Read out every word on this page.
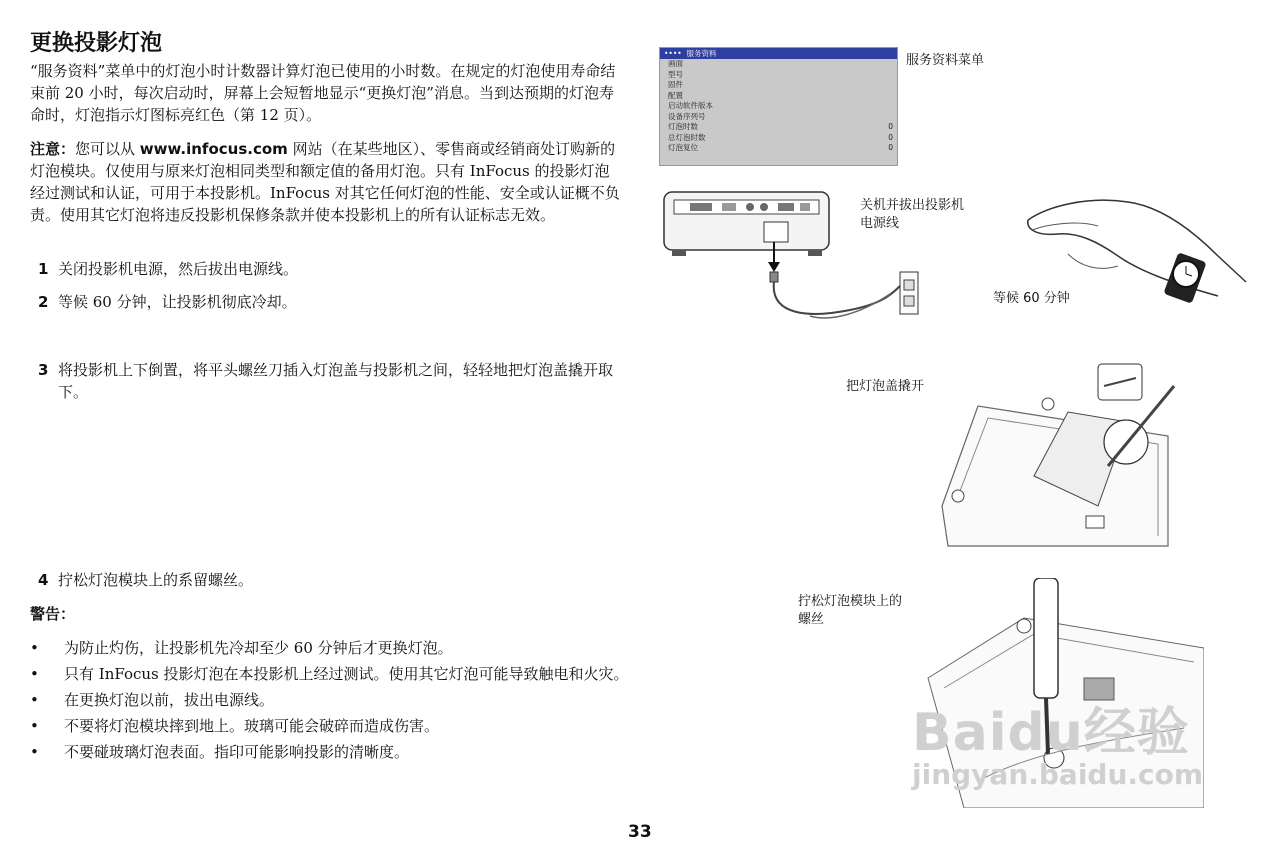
更换投影灯泡
“服务资料”菜单中的灯泡小时计数器计算灯泡已使用的小时数。在规定的灯泡使用寿命结束前 20 小时，每次启动时，屏幕上会短暂地显示“更换灯泡”消息。当到达预期的灯泡寿命时，灯泡指示灯图标亮红色（第 12 页）。
注意：您可以从 www.infocus.com 网站（在某些地区）、零售商或经销商处订购新的灯泡模块。仅使用与原来灯泡相同类型和额定值的备用灯泡。只有 InFocus 的投影灯泡经过测试和认证，可用于本投影机。InFocus 对其它任何灯泡的性能、安全或认证概不负责。使用其它灯泡将违反投影机保修条款并使本投影机上的所有认证标志无效。
1 关闭投影机电源，然后拔出电源线。
2 等候 60 分钟，让投影机彻底冷却。
3 将投影机上下倒置，将平头螺丝刀插入灯泡盖与投影机之间，轻轻地把灯泡盖撬开取下。
4 拧松灯泡模块上的系留螺丝。
警告：
• 为防止灼伤，让投影机先冷却至少 60 分钟后才更换灯泡。
• 只有 InFocus 投影灯泡在本投影机上经过测试。使用其它灯泡可能导致触电和火灾。
• 在更换灯泡以前，拔出电源线。
• 不要将灯泡模块摔到地上。玻璃可能会破碎而造成伤害。
• 不要碰玻璃灯泡表面。指印可能影响投影的清晰度。
33
•••• 服务资料
画面
型号
固件
配置
启动软件版本
设备序列号
灯泡时数	0
总灯泡时数	0
灯泡复位	0
服务资料菜单
关机并拔出投影机
电源线
等候 60 分钟
把灯泡盖撬开
拧松灯泡模块上的
螺丝
Baidu经验
jingyan.baidu.com
